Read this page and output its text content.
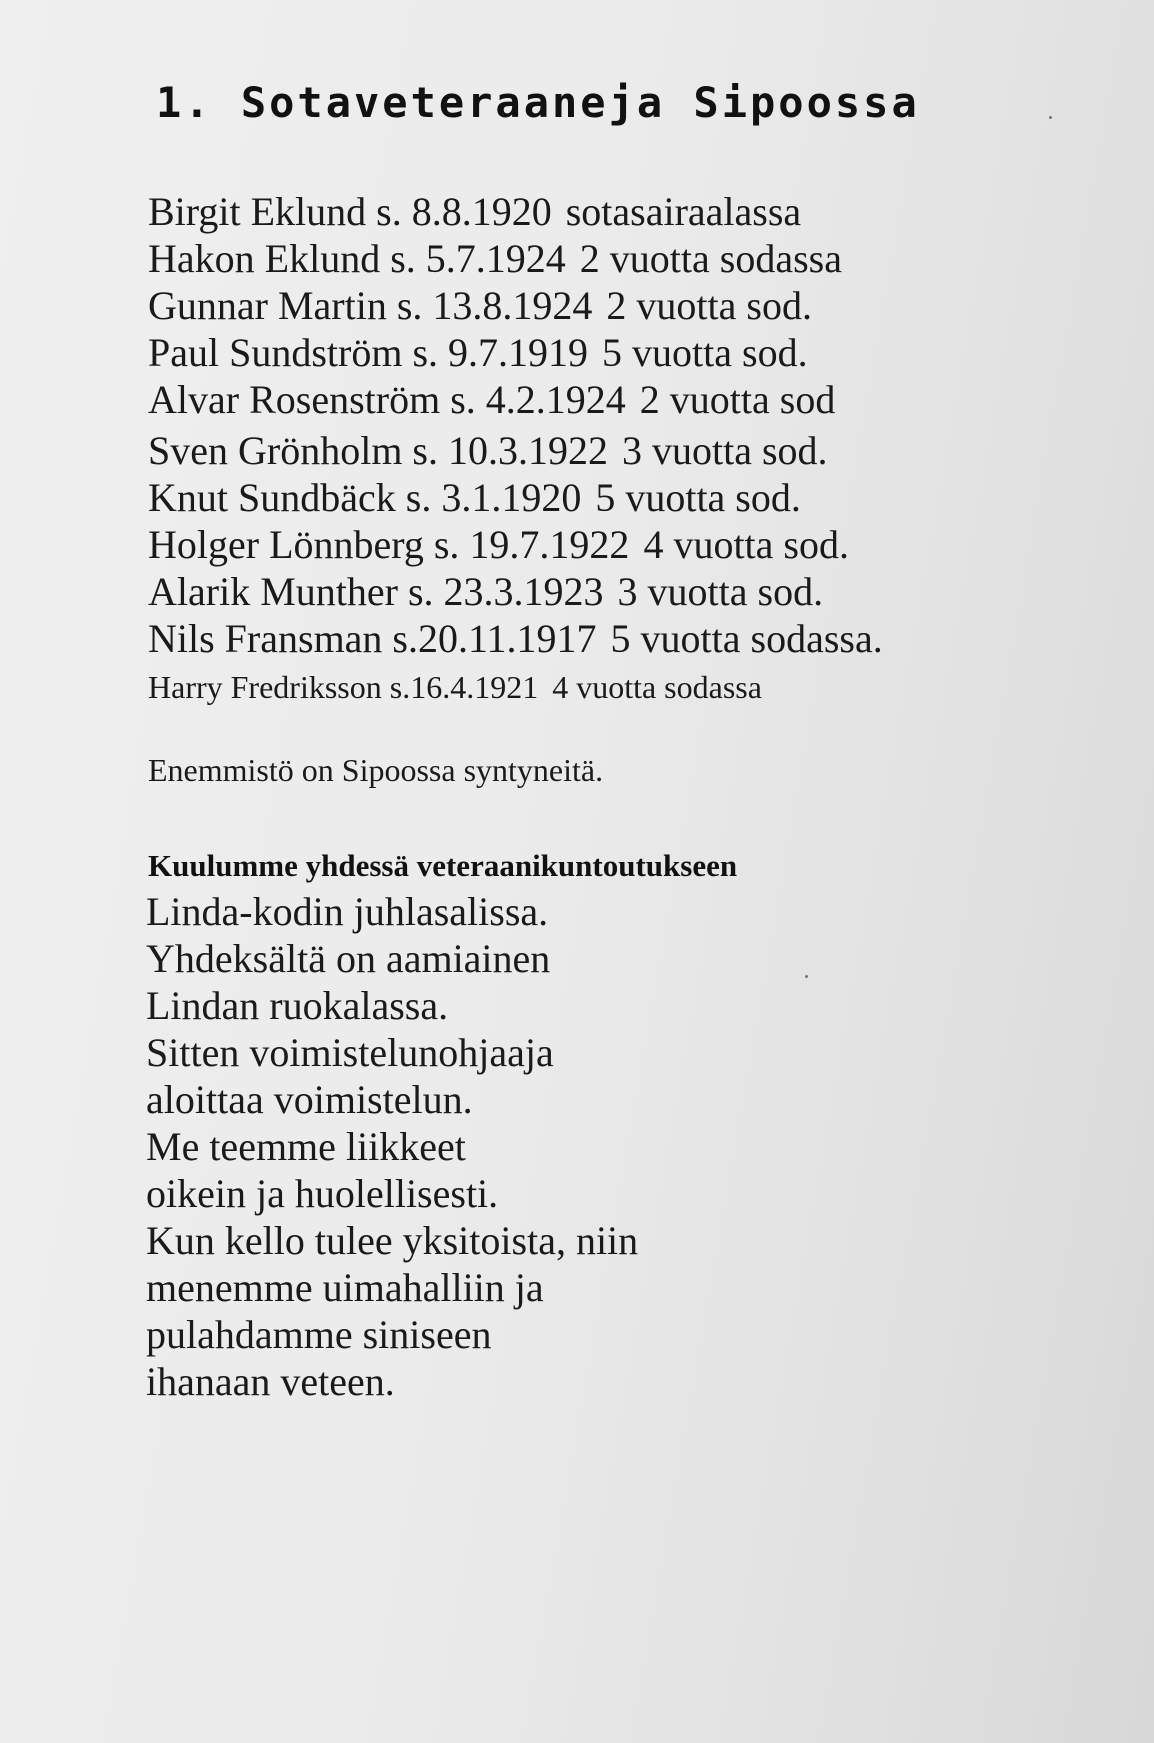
1. Sotaveteraaneja Sipoossa
Birgit Eklund s. 8.8.1920 sotasairaalassa
Hakon Eklund s. 5.7.1924 2 vuotta sodassa
Gunnar Martin s. 13.8.1924 2 vuotta sod.
Paul Sundström s. 9.7.1919 5 vuotta sod.
Alvar Rosenström s. 4.2.1924 2 vuotta sod
Sven Grönholm s. 10.3.1922 3 vuotta sod.
Knut Sundbäck s. 3.1.1920 5 vuotta sod.
Holger Lönnberg s. 19.7.1922 4 vuotta sod.
Alarik Munther s. 23.3.1923 3 vuotta sod.
Nils Fransman s.20.11.1917 5 vuotta sodassa.
Harry Fredriksson s.16.4.1921 4 vuotta sodassa
Enemmistö on Sipoossa syntyneitä.
Kuulumme yhdessä veteraanikuntoutukseen
Linda-kodin juhlasalissa.
Yhdeksältä on aamiainen
Lindan ruokalassa.
Sitten voimistelunohjaaja
aloittaa voimistelun.
Me teemme liikkeet
oikein ja huolellisesti.
Kun kello tulee yksitoista, niin
menemme uimahalliin ja
pulahdamme siniseen
ihanaan veteen.
